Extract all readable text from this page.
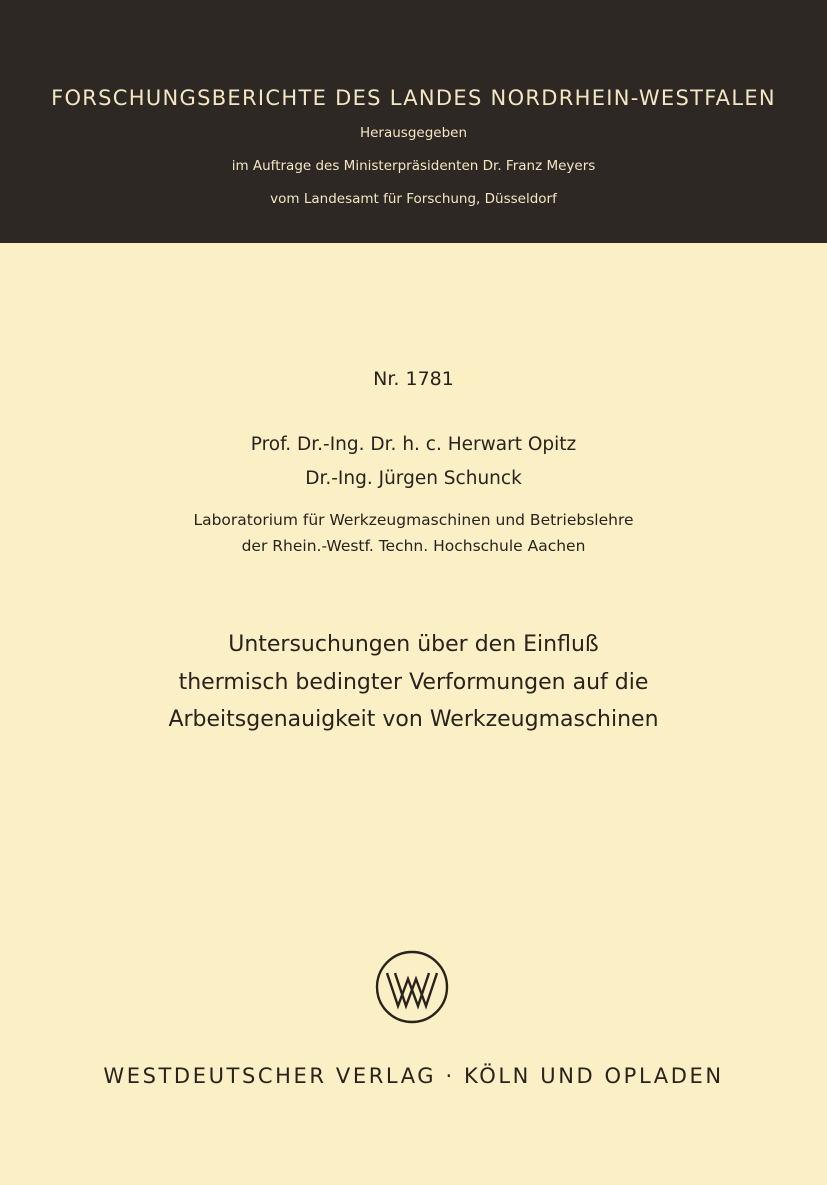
FORSCHUNGSBERICHTE DES LANDES NORDRHEIN-WESTFALEN
Herausgegeben
im Auftrage des Ministerpräsidenten Dr. Franz Meyers
vom Landesamt für Forschung, Düsseldorf
Nr. 1781
Prof. Dr.-Ing. Dr. h. c. Herwart Opitz
Dr.-Ing. Jürgen Schunck
Laboratorium für Werkzeugmaschinen und Betriebslehre
der Rhein.-Westf. Techn. Hochschule Aachen
Untersuchungen über den Einfluß
thermisch bedingter Verformungen auf die
Arbeitsgenauigkeit von Werkzeugmaschinen
WESTDEUTSCHER VERLAG · KÖLN UND OPLADEN
